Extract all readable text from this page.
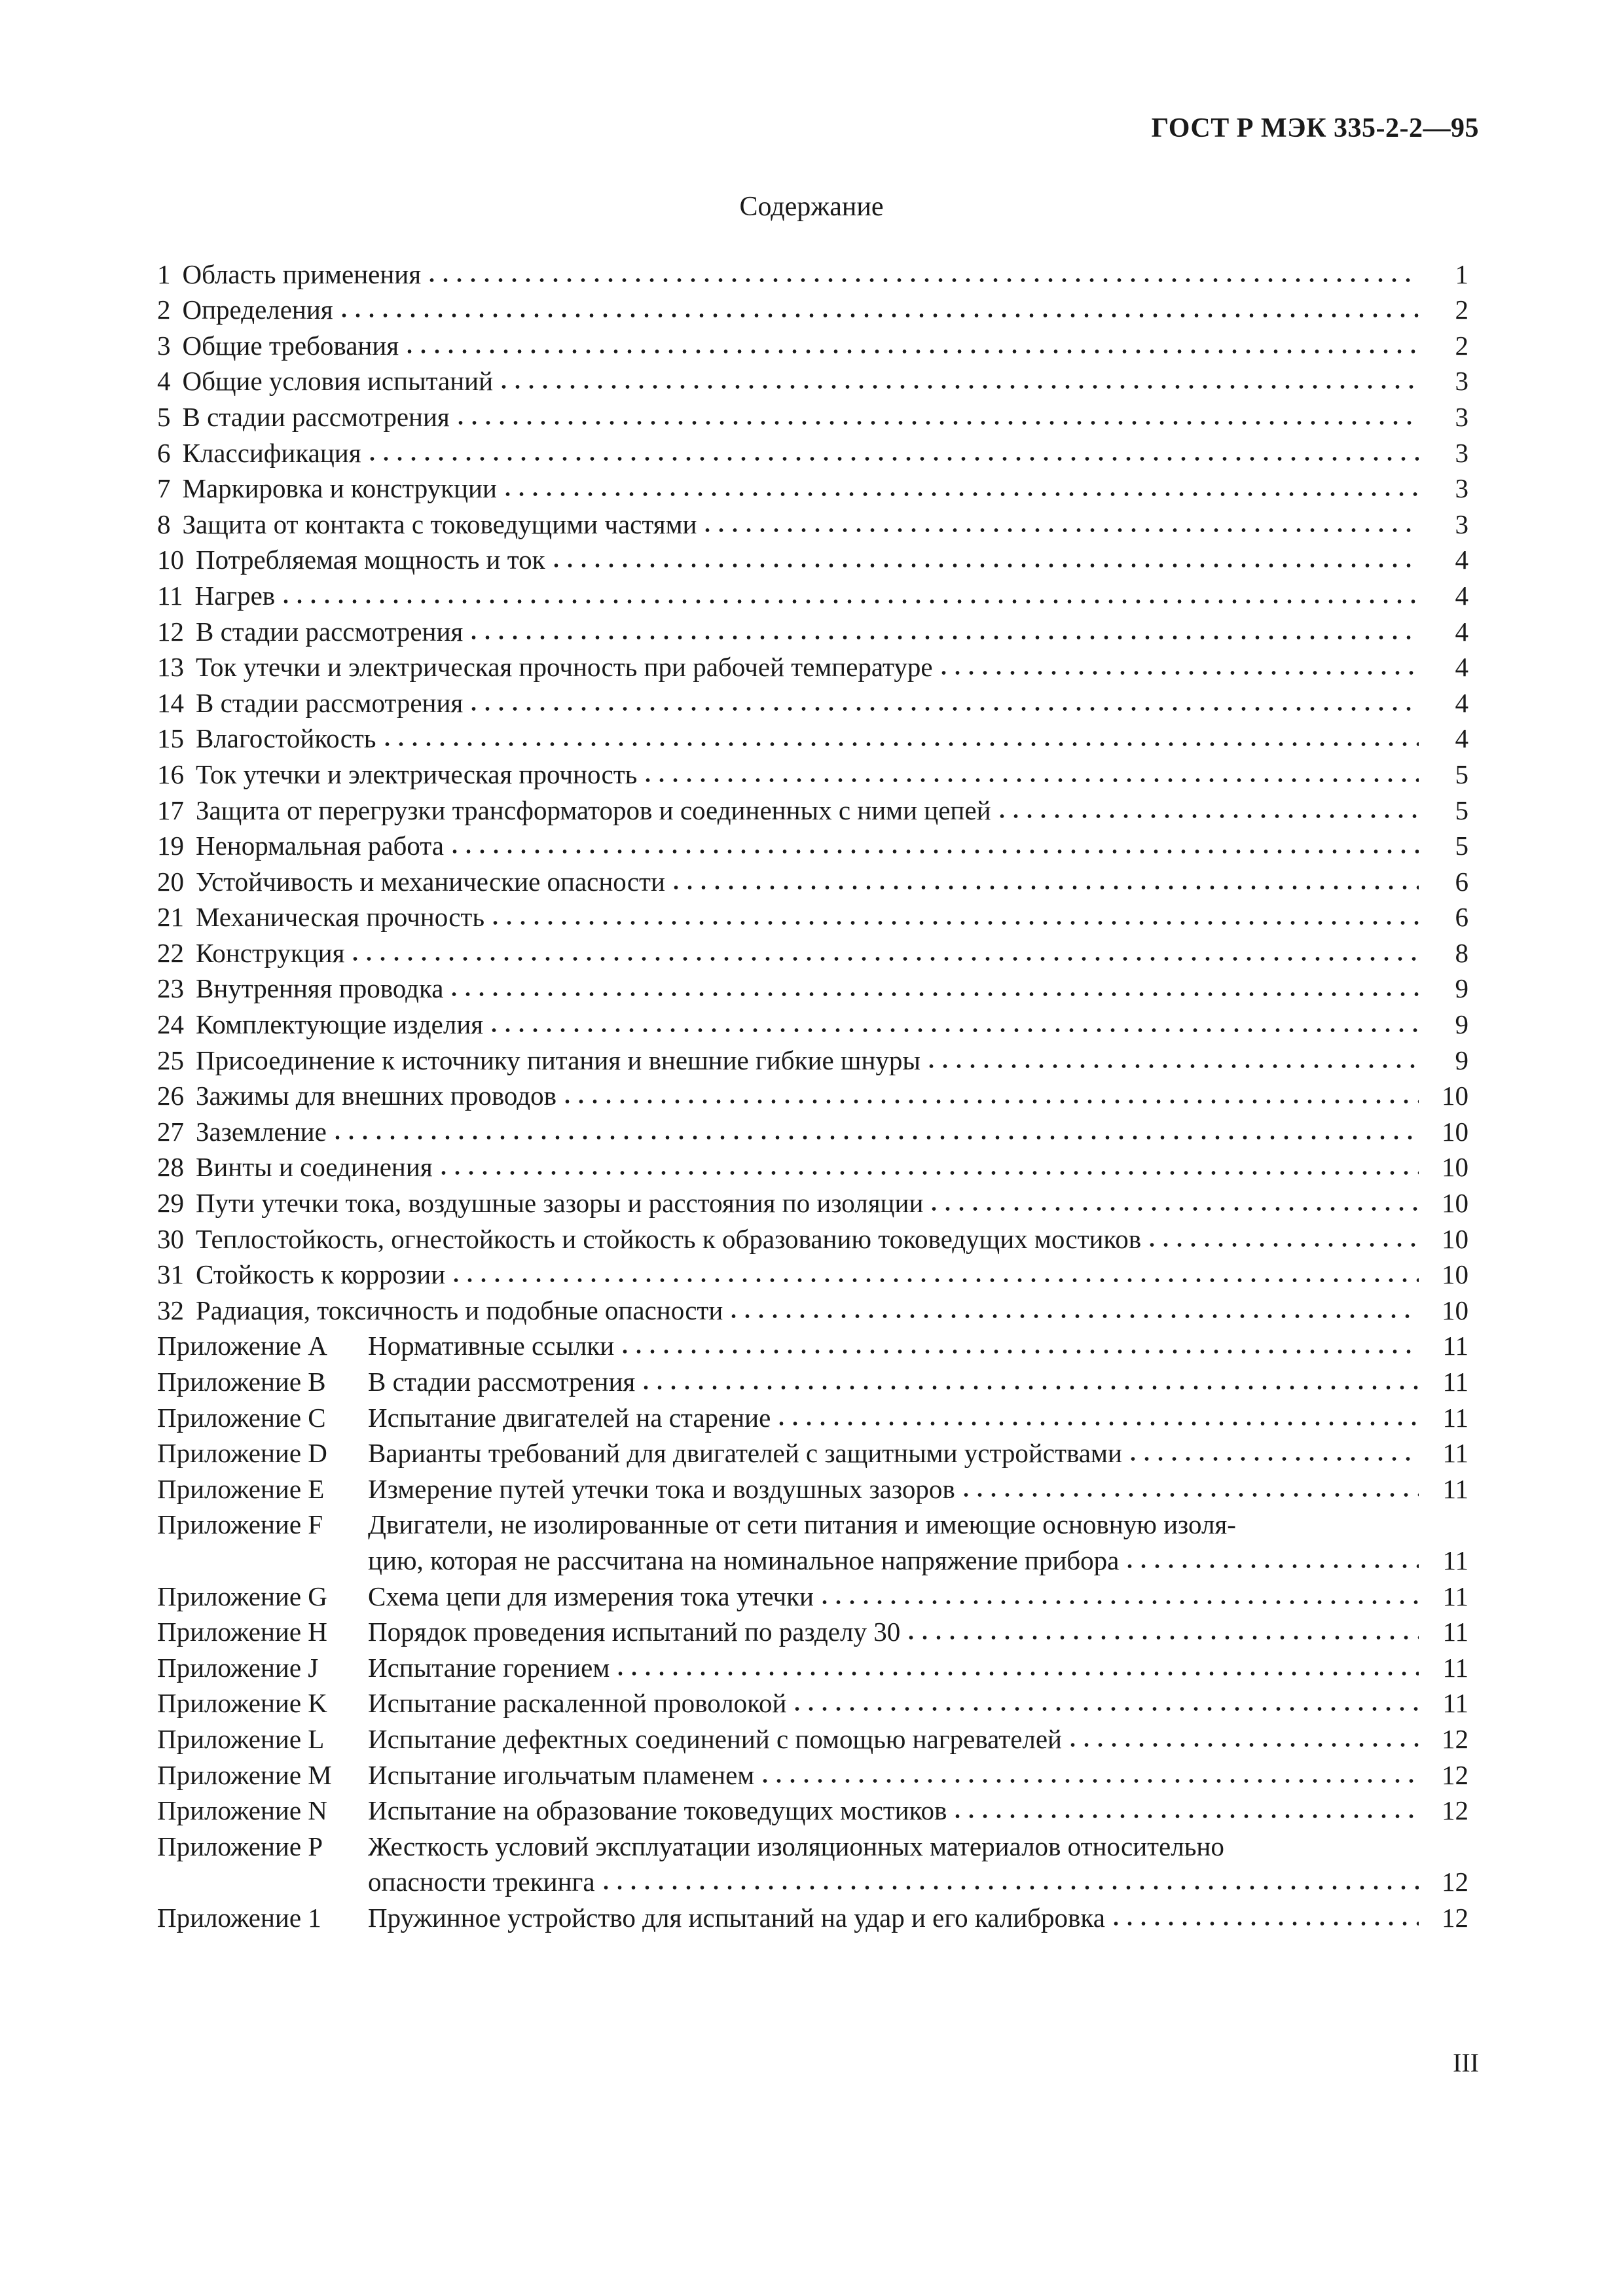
ГОСТ Р МЭК 335-2-2—95
Содержание
1 Область применения	1
2 Определения	2
3 Общие требования	2
4 Общие условия испытаний	3
5 В стадии рассмотрения	3
6 Классификация	3
7 Маркировка и конструкции	3
8 Защита от контакта с токоведущими частями	3
10 Потребляемая мощность и ток	4
11 Нагрев	4
12 В стадии рассмотрения	4
13 Ток утечки и электрическая прочность при рабочей температуре	4
14 В стадии рассмотрения	4
15 Влагостойкость	4
16 Ток утечки и электрическая прочность	5
17 Защита от перегрузки трансформаторов и соединенных с ними цепей	5
19 Ненормальная работа	5
20 Устойчивость и механические опасности	6
21 Механическая прочность	6
22 Конструкция	8
23 Внутренняя проводка	9
24 Комплектующие изделия	9
25 Присоединение к источнику питания и внешние гибкие шнуры	9
26 Зажимы для внешних проводов	10
27 Заземление	10
28 Винты и соединения	10
29 Пути утечки тока, воздушные зазоры и расстояния по изоляции	10
30 Теплостойкость, огнестойкость и стойкость к образованию токоведущих мостиков	10
31 Стойкость к коррозии	10
32 Радиация, токсичность и подобные опасности	10
Приложение A	Нормативные ссылки	11
Приложение B	В стадии рассмотрения	11
Приложение C	Испытание двигателей на старение	11
Приложение D	Варианты требований для двигателей с защитными устройствами	11
Приложение E	Измерение путей утечки тока и воздушных зазоров	11
Приложение F	Двигатели, не изолированные от сети питания и имеющие основную изоля-
цию, которая не рассчитана на номинальное напряжение прибора	11
Приложение G	Схема цепи для измерения тока утечки	11
Приложение H	Порядок проведения испытаний по разделу 30	11
Приложение J	Испытание горением	11
Приложение K	Испытание раскаленной проволокой	11
Приложение L	Испытание дефектных соединений с помощью нагревателей	12
Приложение M	Испытание игольчатым пламенем	12
Приложение N	Испытание на образование токоведущих мостиков	12
Приложение P	Жесткость условий эксплуатации изоляционных материалов относительно
опасности трекинга	12
Приложение 1	Пружинное устройство для испытаний на удар и его калибровка	12
III
